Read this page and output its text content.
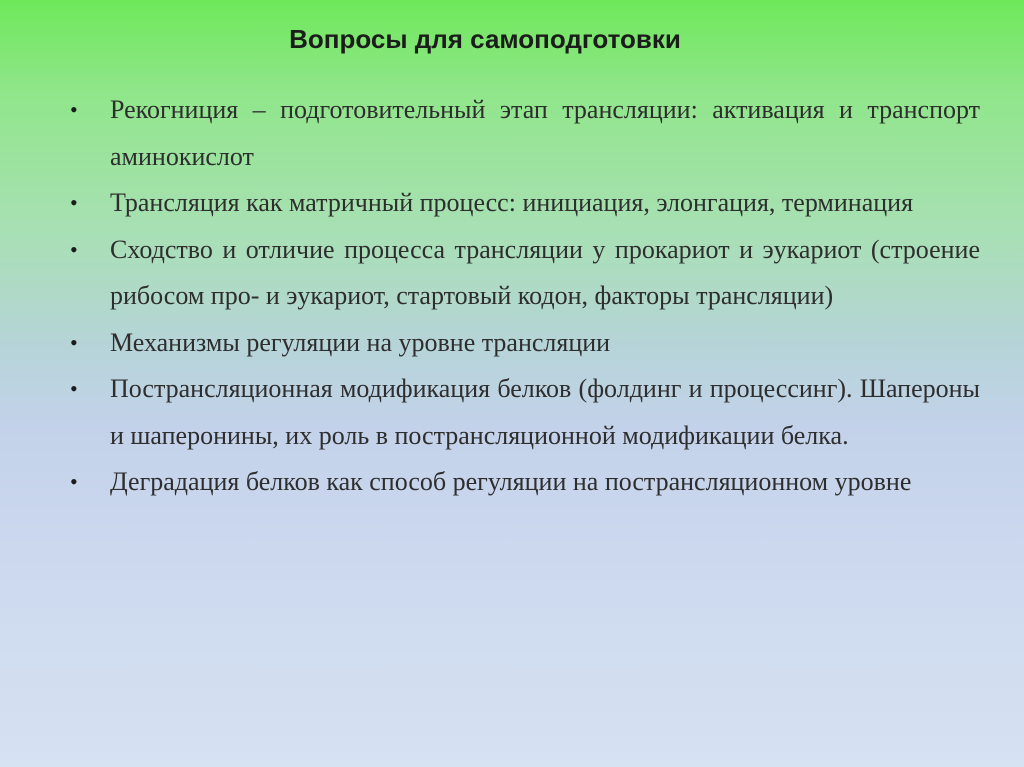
Вопросы для самоподготовки
• Рекогниция – подготовительный этап трансляции: активация и транспорт аминокислот
• Трансляция как матричный процесс: инициация, элонгация, терминация
• Сходство и отличие процесса трансляции у прокариот и эукариот (строение рибосом про- и эукариот, стартовый кодон, факторы трансляции)
• Механизмы регуляции на уровне трансляции
• Пострансляционная модификация белков (фолдинг и процессинг). Шапероны и шаперонины, их роль в пострансляционной модификации белка.
• Деградация белков как способ регуляции на пострансляционном уровне
